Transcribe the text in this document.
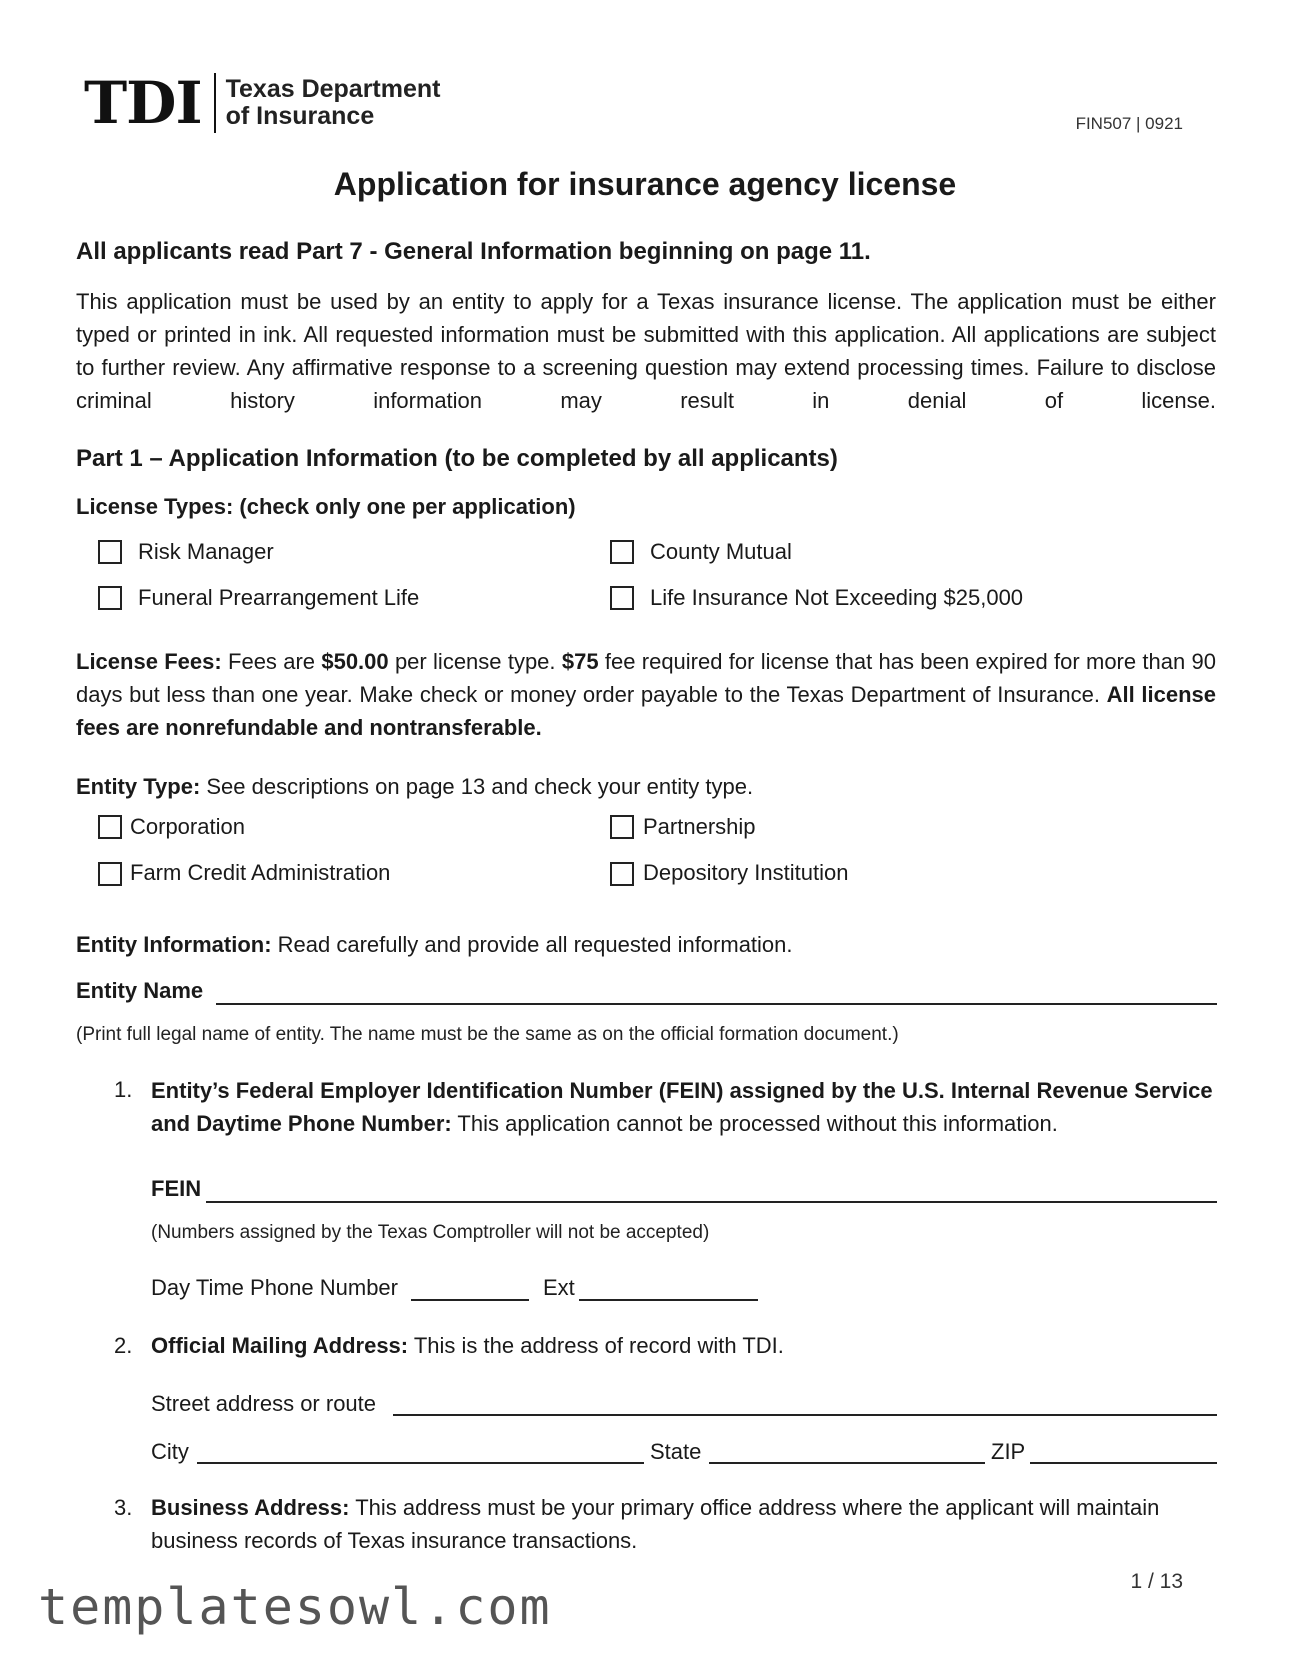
TDI Texas Department
of Insurance	FIN507 | 0921
Application for insurance agency license
All applicants read Part 7 - General Information beginning on page 11.
This application must be used by an entity to apply for a Texas insurance license. The application must be either typed or printed in ink. All requested information must be submitted with this application. All applications are subject to further review. Any affirmative response to a screening question may extend processing times. Failure to disclose criminal history information may result in denial of license.
Part 1 – Application Information (to be completed by all applicants)
License Types: (check only one per application)
Risk Manager	County Mutual
Funeral Prearrangement Life	Life Insurance Not Exceeding $25,000
License Fees: Fees are $50.00 per license type. $75 fee required for license that has been expired for more than 90 days but less than one year. Make check or money order payable to the Texas Department of Insurance. All license fees are nonrefundable and nontransferable.
Entity Type: See descriptions on page 13 and check your entity type.
Corporation	Partnership
Farm Credit Administration	Depository Institution
Entity Information: Read carefully and provide all requested information.
Entity Name
(Print full legal name of entity. The name must be the same as on the official formation document.)
1. Entity’s Federal Employer Identification Number (FEIN) assigned by the U.S. Internal Revenue Service and Daytime Phone Number: This application cannot be processed without this information.
FEIN
(Numbers assigned by the Texas Comptroller will not be accepted)
Day Time Phone Number	Ext
2. Official Mailing Address: This is the address of record with TDI.
Street address or route
City	State	ZIP
3. Business Address: This address must be your primary office address where the applicant will maintain business records of Texas insurance transactions.
1 / 13
templatesowl.com
